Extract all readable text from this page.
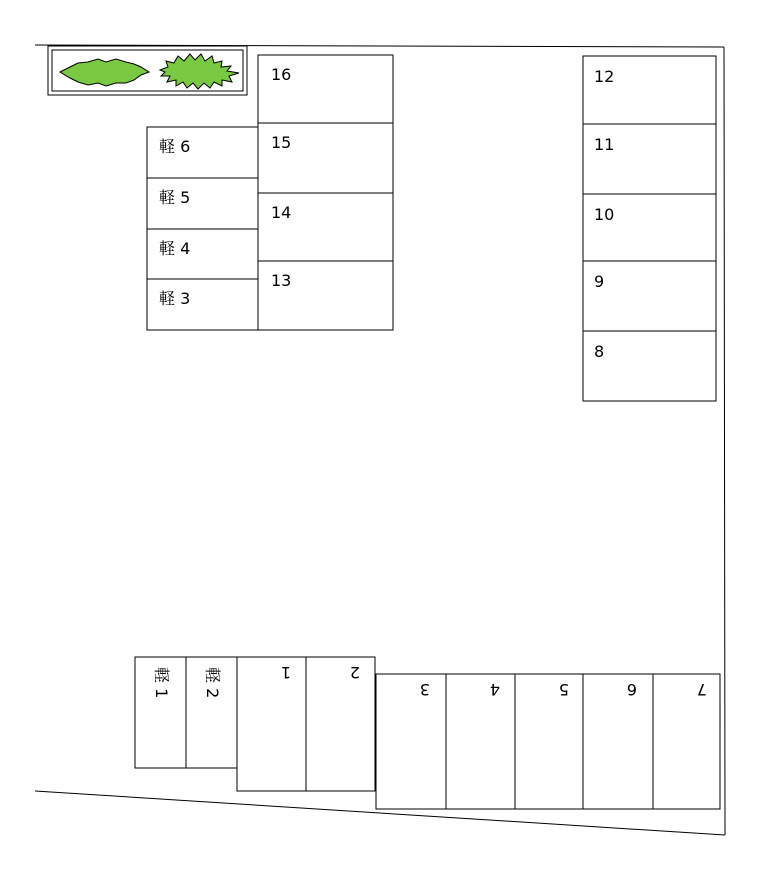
軽 6
軽 5
軽 4
軽 3
16
15
14
13
12
11
10
9
8
軽 1 軽 2	1	2
3	4	5	6	7
